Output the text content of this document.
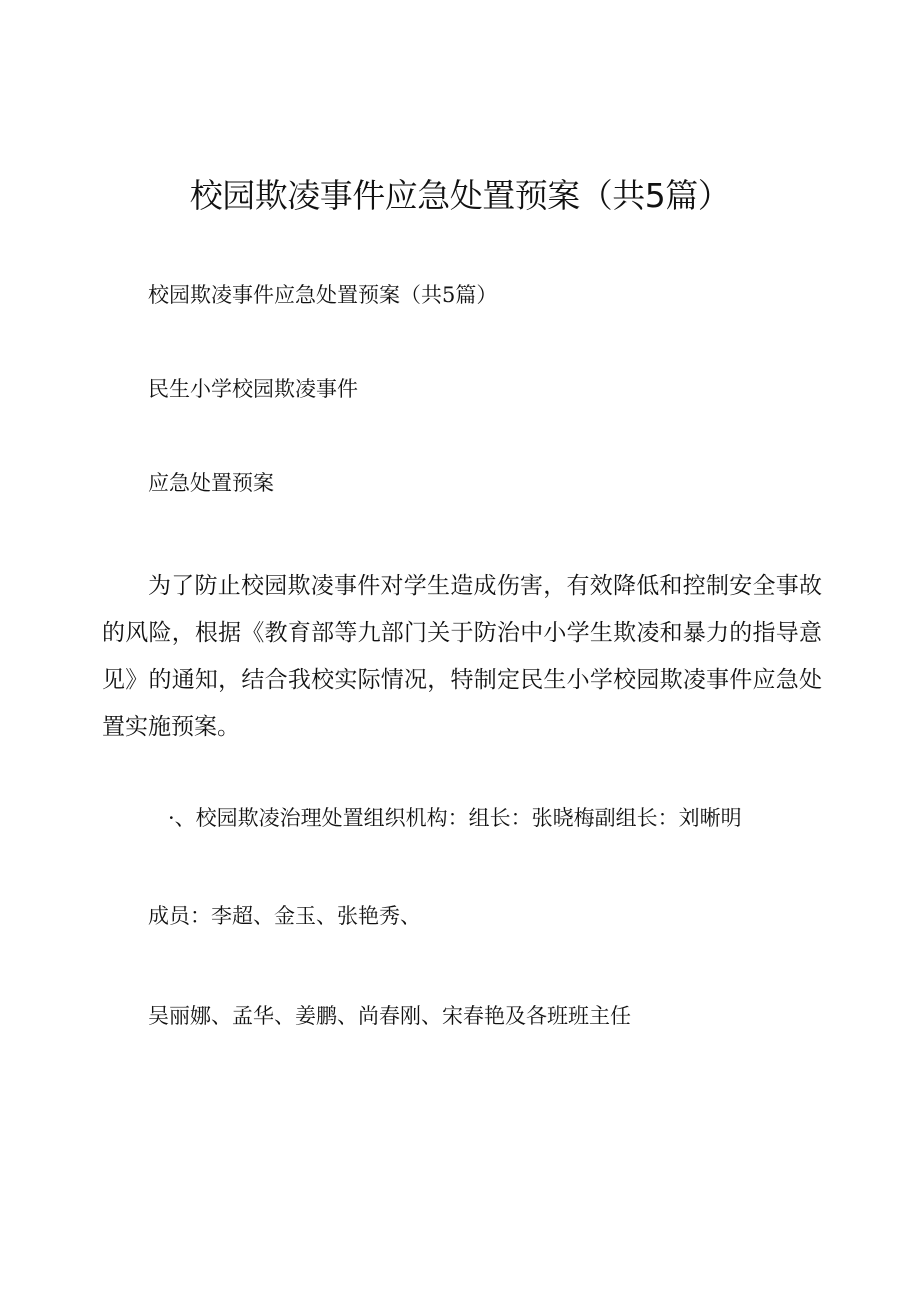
校园欺凌事件应急处置预案（共5篇）

校园欺凌事件应急处置预案（共5篇）

民生小学校园欺凌事件

应急处置预案

为了防止校园欺凌事件对学生造成伤害，有效降低和控制安全事故的风险，根据《教育部等九部门关于防治中小学生欺凌和暴力的指导意见》的通知，结合我校实际情况，特制定民生小学校园欺凌事件应急处置实施预案。

·、校园欺凌治理处置组织机构：组长：张晓梅副组长：刘晰明

成员：李超、金玉、张艳秀、

吴丽娜、孟华、姜鹏、尚春刚、宋春艳及各班班主任
